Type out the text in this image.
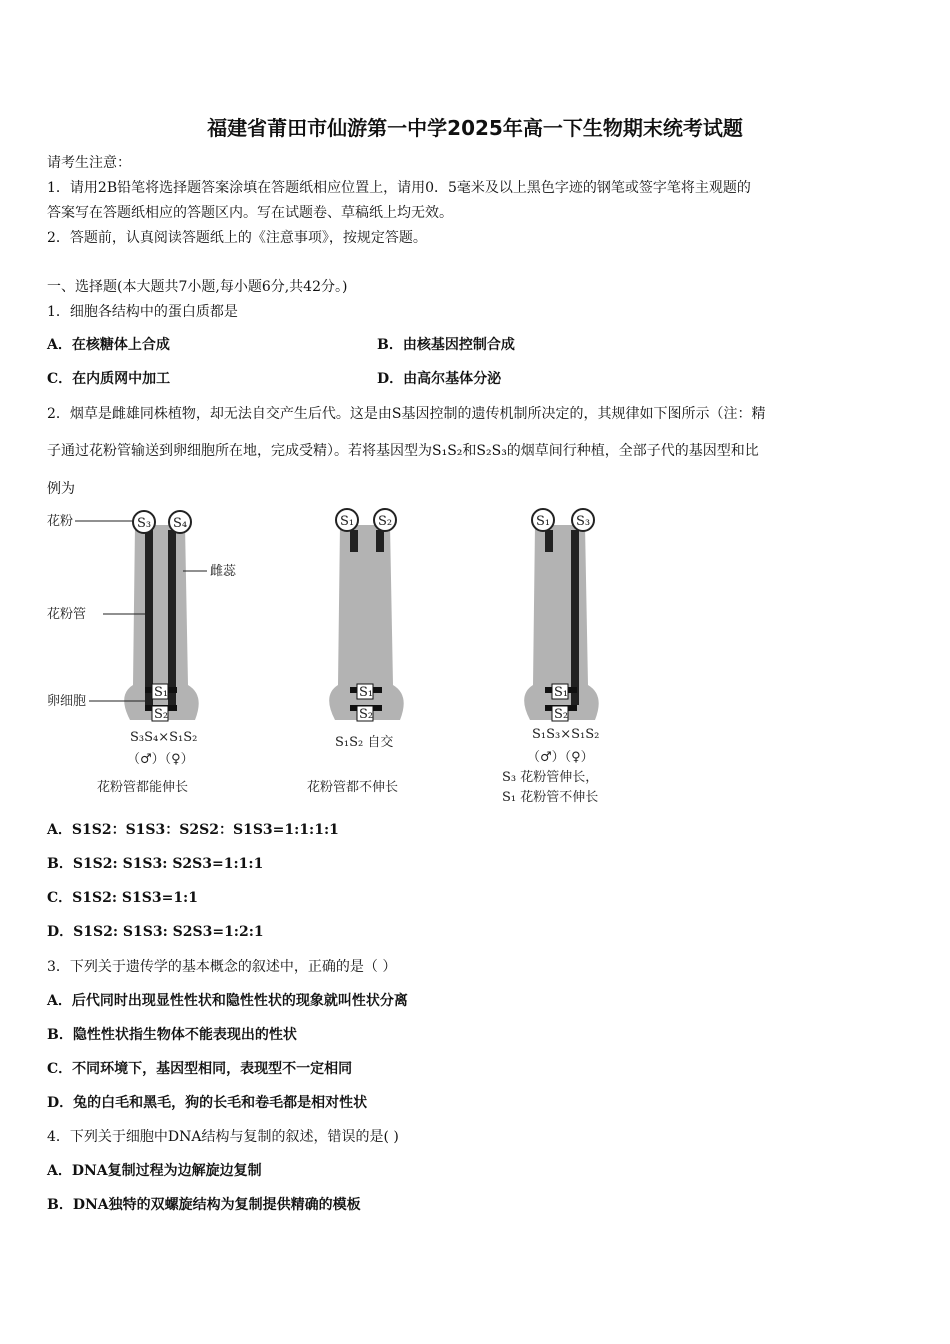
福建省莆田市仙游第一中学2025年高一下生物期末统考试题
请考生注意：
1．请用2B铅笔将选择题答案涂填在答题纸相应位置上，请用0．5毫米及以上黑色字迹的钢笔或签字笔将主观题的
答案写在答题纸相应的答题区内。写在试题卷、草稿纸上均无效。
2．答题前，认真阅读答题纸上的《注意事项》，按规定答题。
一、选择题(本大题共7小题,每小题6分,共42分。)
1．细胞各结构中的蛋白质都是
A．在核糖体上合成	B．由核基因控制合成
C．在内质网中加工	D．由高尔基体分泌
2．烟草是雌雄同株植物，却无法自交产生后代。这是由S基因控制的遗传机制所决定的，其规律如下图所示（注：精
子通过花粉管输送到卵细胞所在地，完成受精）。若将基因型为S₁S₂和S₂S₃的烟草间行种植，全部子代的基因型和比
例为
S₃ S₄
S₁
S₂
花粉
雌蕊
花粉管
卵细胞
S₃S₄×S₁S₂
（♂）（♀）
花粉管都能伸长
S₁ S₂
S₁
S₂
S₁S₂ 自交
花粉管都不伸长
S₁ S₃
S₁
S₂
S₁S₃×S₁S₂
（♂）（♀）
S₃ 花粉管伸长，
S₁ 花粉管不伸长
A．S1S2：S1S3：S2S2：S1S3=1:1:1:1
B．S1S2: S1S3: S2S3=1:1:1
C．S1S2: S1S3=1:1
D．S1S2: S1S3: S2S3=1:2:1
3．下列关于遗传学的基本概念的叙述中，正确的是（ ）
A．后代同时出现显性性状和隐性性状的现象就叫性状分离
B．隐性性状指生物体不能表现出的性状
C．不同环境下，基因型相同，表现型不一定相同
D．兔的白毛和黑毛，狗的长毛和卷毛都是相对性状
4．下列关于细胞中DNA结构与复制的叙述，错误的是( )
A．DNA复制过程为边解旋边复制
B．DNA独特的双螺旋结构为复制提供精确的模板
